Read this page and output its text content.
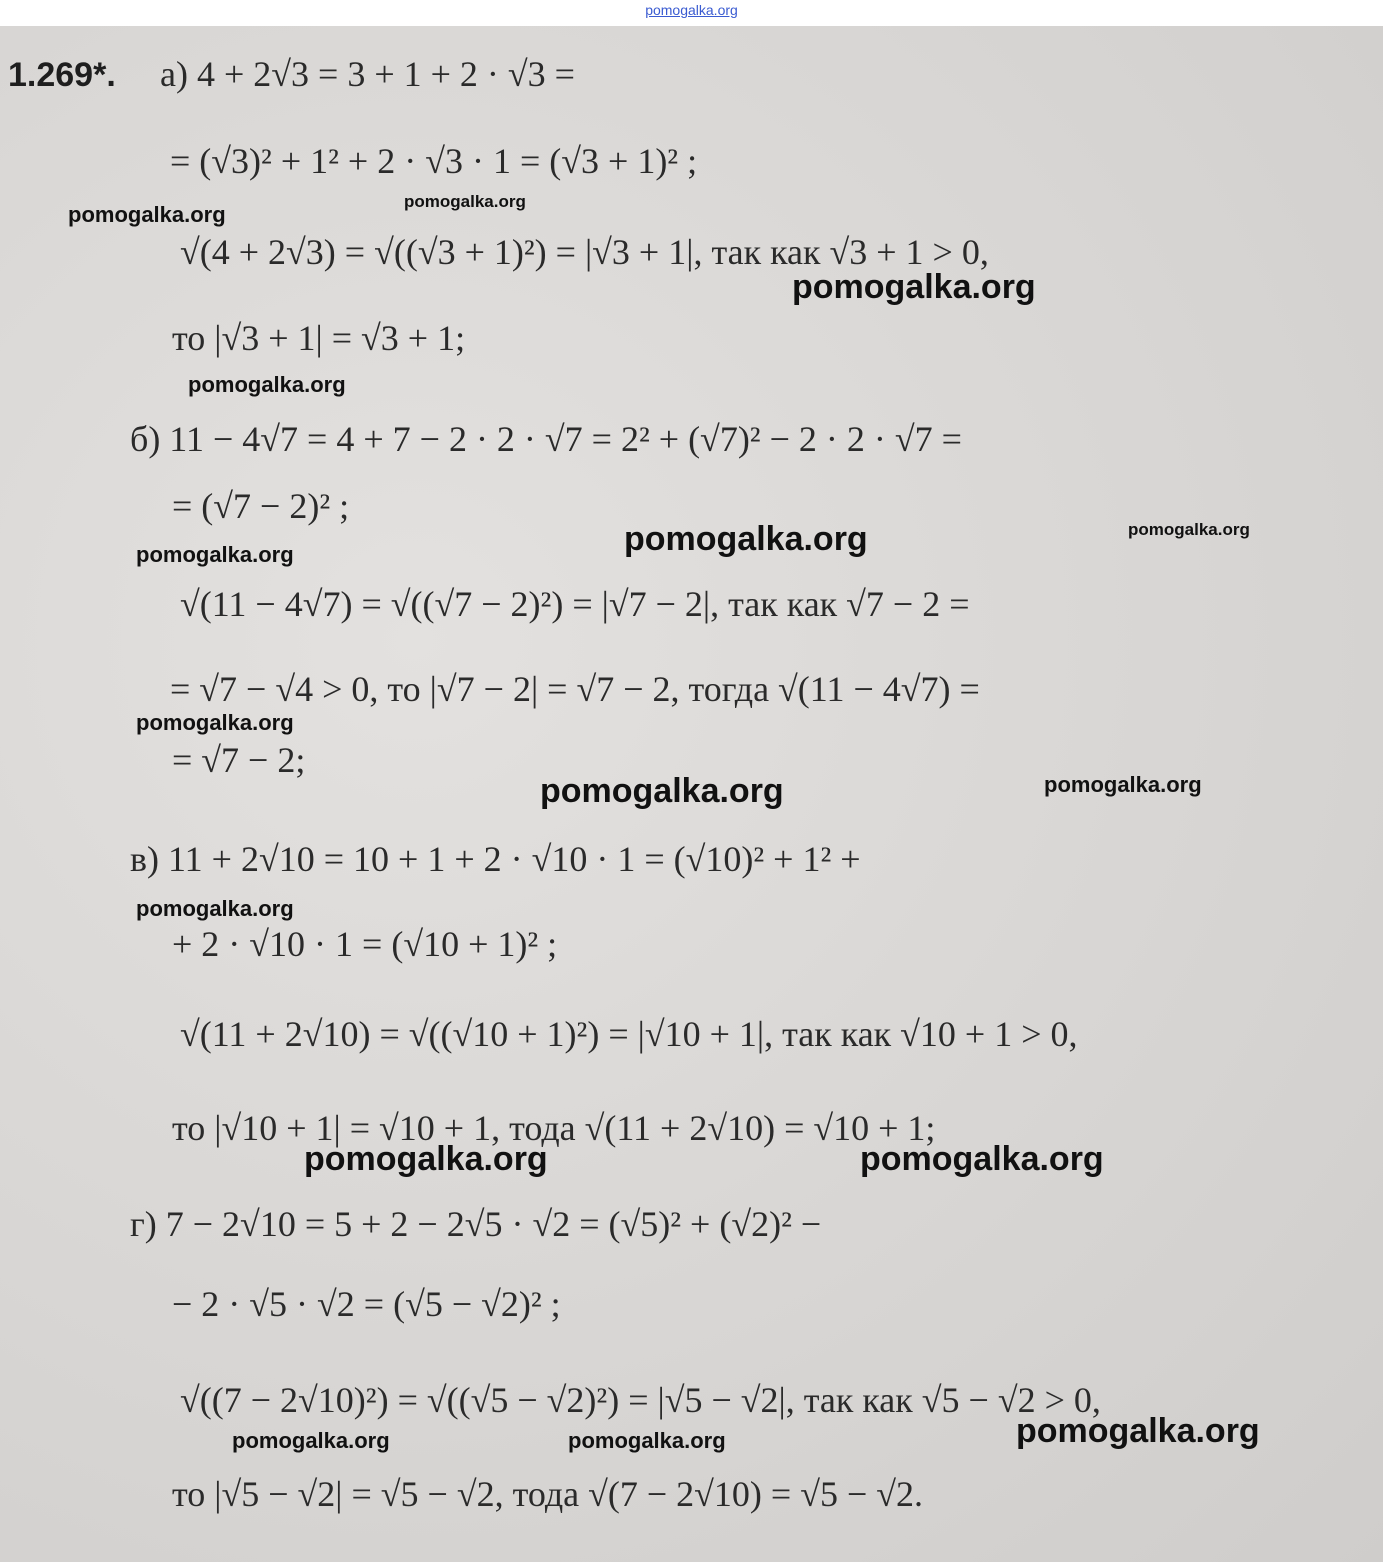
pomogalka.org
1.269*. а) 4 + 2√3 = 3 + 1 + 2 · √3 =
= (√3)² + 1² + 2 · √3 · 1 = (√3 + 1)² ;
√(4 + 2√3) = √((√3 + 1)²) = |√3 + 1|, так как √3 + 1 > 0,
то |√3 + 1| = √3 + 1;
б) 11 − 4√7 = 4 + 7 − 2 · 2 · √7 = 2² + (√7)² − 2 · 2 · √7 =
= (√7 − 2)² ;
√(11 − 4√7) = √((√7 − 2)²) = |√7 − 2|, так как √7 − 2 =
= √7 − √4 > 0, то |√7 − 2| = √7 − 2, тогда √(11 − 4√7) =
= √7 − 2;
в) 11 + 2√10 = 10 + 1 + 2 · √10 · 1 = (√10)² + 1² +
+ 2 · √10 · 1 = (√10 + 1)² ;
√(11 + 2√10) = √((√10 + 1)²) = |√10 + 1|, так как √10 + 1 > 0,
то |√10 + 1| = √10 + 1, тода √(11 + 2√10) = √10 + 1;
г) 7 − 2√10 = 5 + 2 − 2√5 · √2 = (√5)² + (√2)² −
− 2 · √5 · √2 = (√5 − √2)² ;
√((7 − 2√10)²) = √((√5 − √2)²) = |√5 − √2|, так как √5 − √2 > 0,
то |√5 − √2| = √5 − √2, тода √(7 − 2√10) = √5 − √2.
pomogalka.org
pomogalka.org
pomogalka.org
pomogalka.org
pomogalka.org	pomogalka.org
pomogalka.org
pomogalka.org
pomogalka.org	pomogalka.org
pomogalka.org
pomogalka.org	pomogalka.org
pomogalka.org
pomogalka.org	pomogalka.org
